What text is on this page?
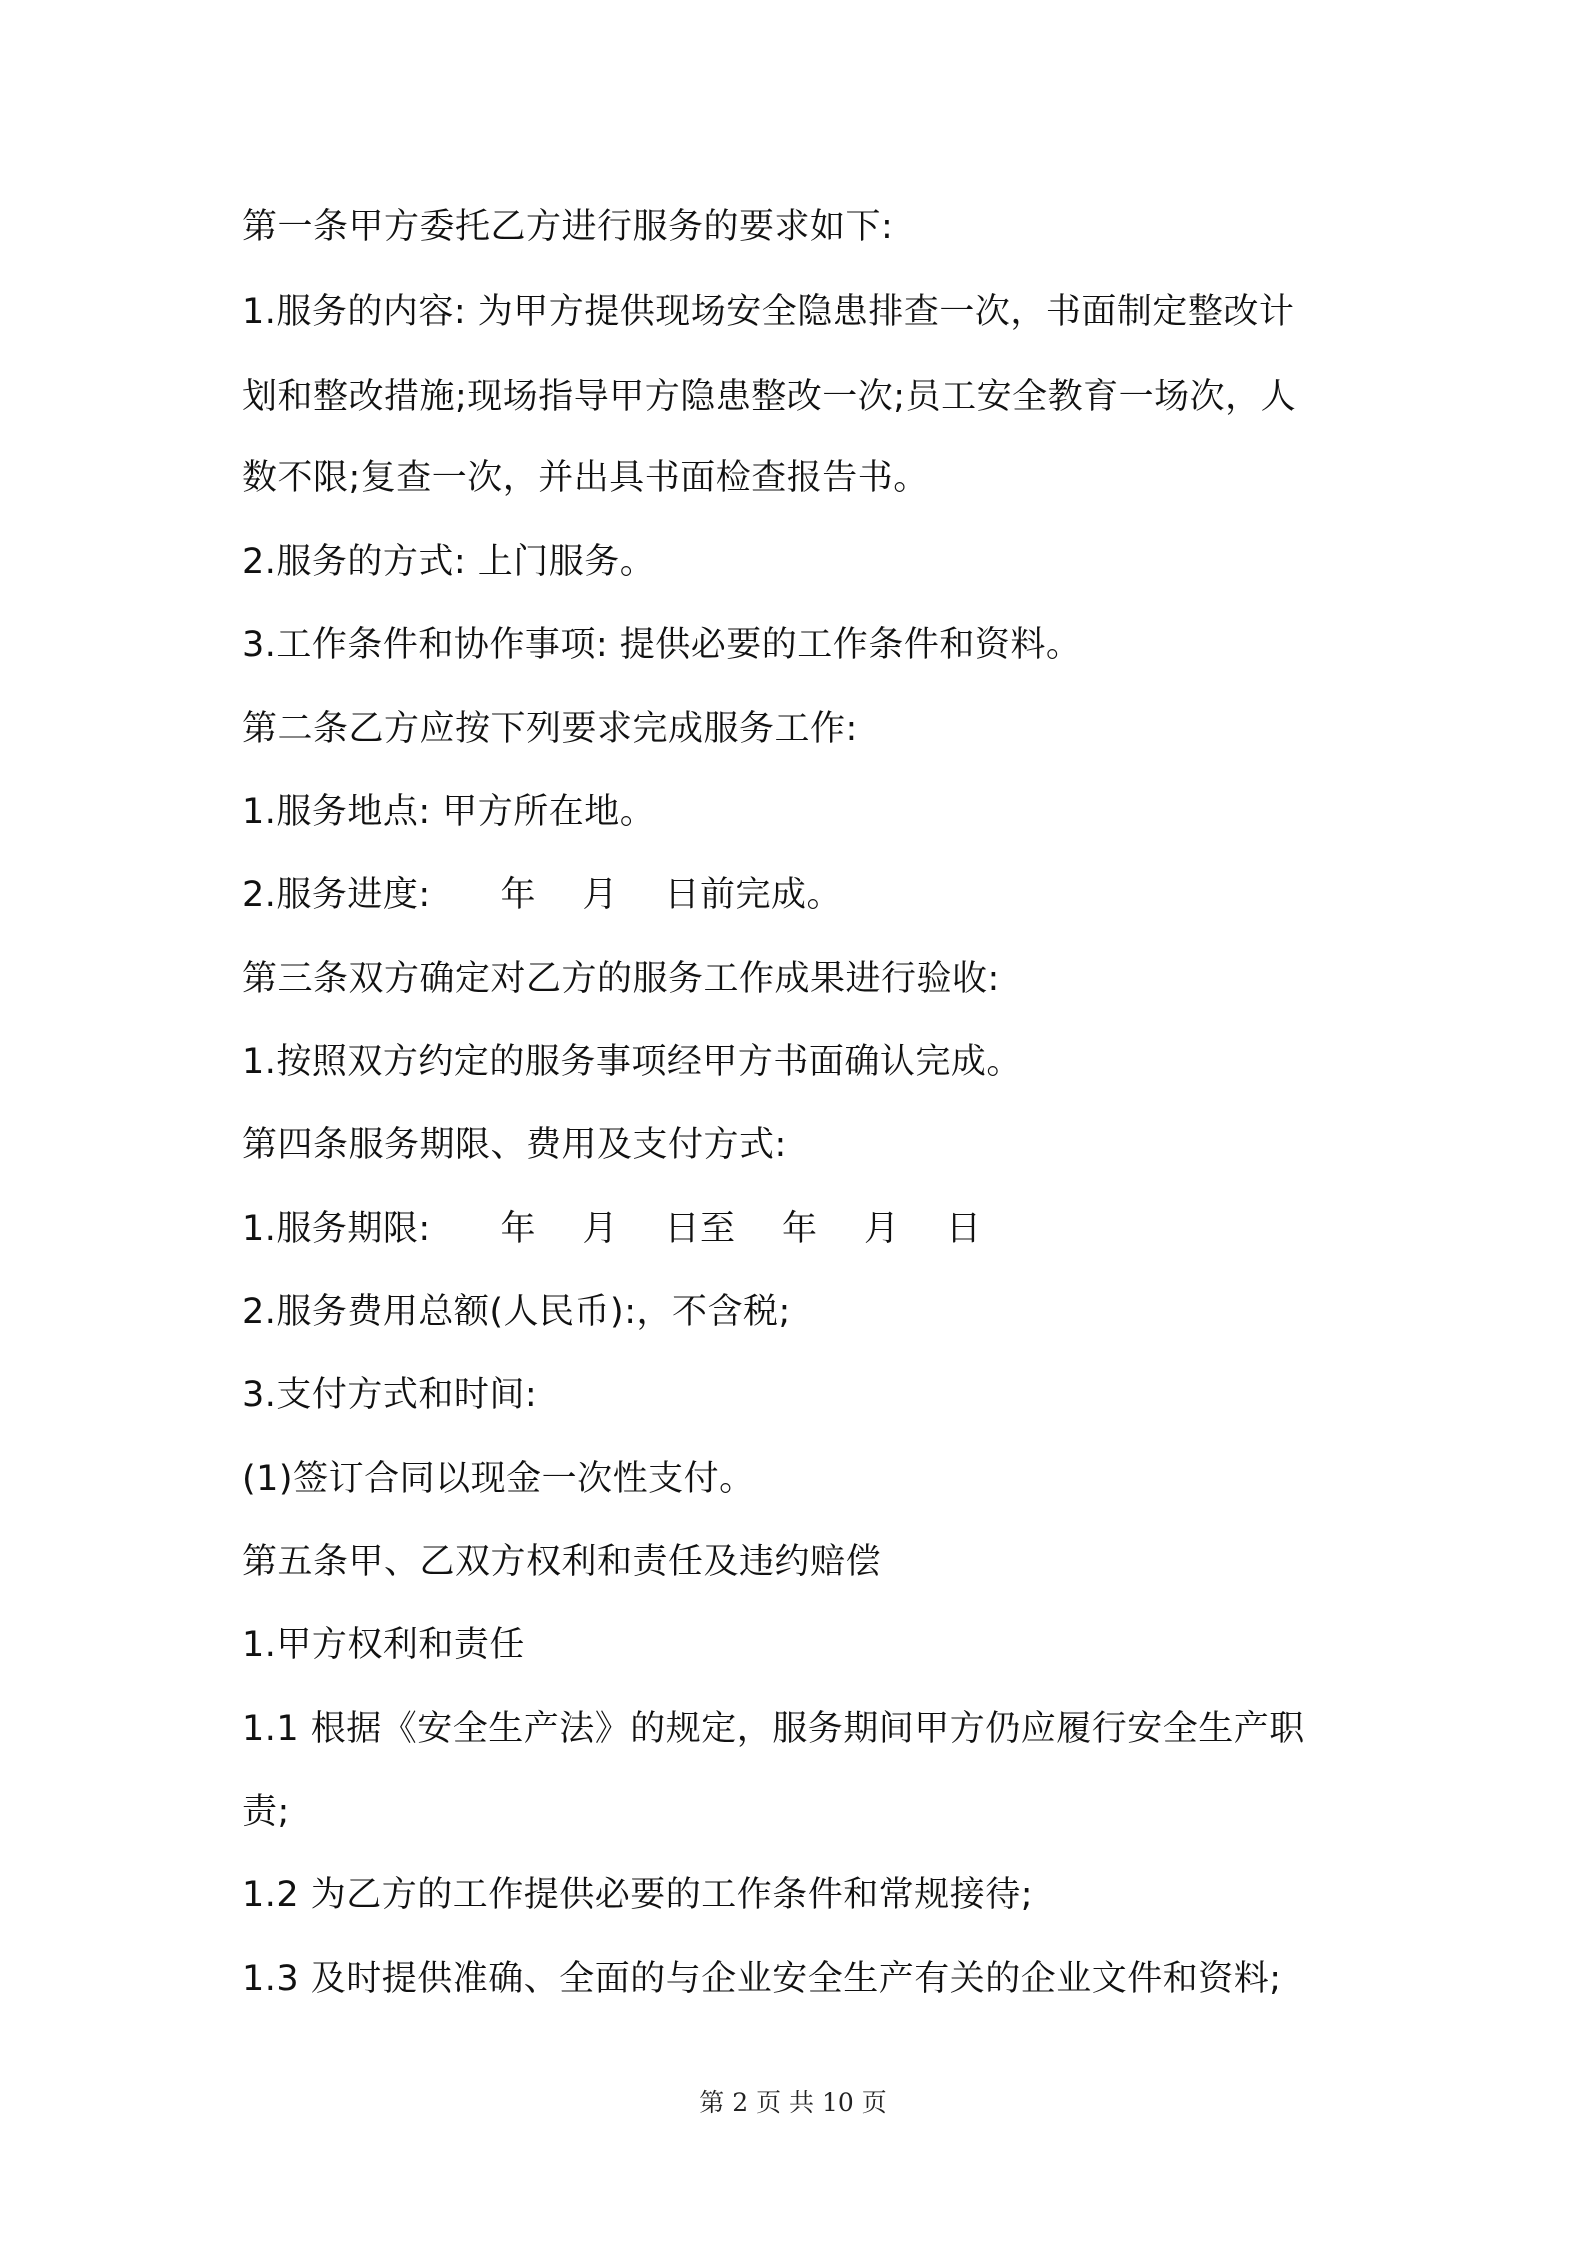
第一条甲方委托乙方进行服务的要求如下:
1.服务的内容: 为甲方提供现场安全隐患排查一次，书面制定整改计
划和整改措施;现场指导甲方隐患整改一次;员工安全教育一场次，人
数不限;复查一次，并出具书面检查报告书。
2.服务的方式: 上门服务。
3.工作条件和协作事项: 提供必要的工作条件和资料。
第二条乙方应按下列要求完成服务工作:
1.服务地点: 甲方所在地。
2.服务进度:      年    月    日前完成。
第三条双方确定对乙方的服务工作成果进行验收:
1.按照双方约定的服务事项经甲方书面确认完成。
第四条服务期限、费用及支付方式:
1.服务期限:      年    月    日至    年    月    日
2.服务费用总额(人民币):，不含税;
3.支付方式和时间:
(1)签订合同以现金一次性支付。
第五条甲、乙双方权利和责任及违约赔偿
1.甲方权利和责任
1.1 根据《安全生产法》的规定，服务期间甲方仍应履行安全生产职
责;
1.2 为乙方的工作提供必要的工作条件和常规接待;
1.3 及时提供准确、全面的与企业安全生产有关的企业文件和资料;
第 2 页 共 10 页
